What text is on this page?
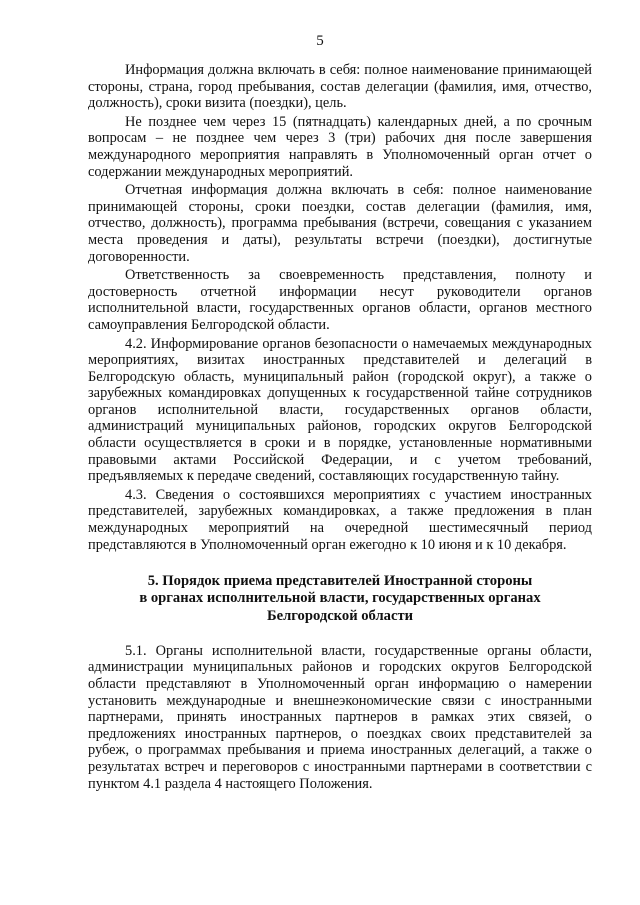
5

Информация должна включать в себя: полное наименование принимающей стороны, страна, город пребывания, состав делегации (фамилия, имя, отчество, должность), сроки визита (поездки), цель.

Не позднее чем через 15 (пятнадцать) календарных дней, а по срочным вопросам – не позднее чем через 3 (три) рабочих дня после завершения международного мероприятия направлять в Уполномоченный орган отчет о содержании международных мероприятий.

Отчетная информация должна включать в себя: полное наименование принимающей стороны, сроки поездки, состав делегации (фамилия, имя, отчество, должность), программа пребывания (встречи, совещания с указанием места проведения и даты), результаты встречи (поездки), достигнутые договоренности.

Ответственность за своевременность представления, полноту и достоверность отчетной информации несут руководители органов исполнительной власти, государственных органов области, органов местного самоуправления Белгородской области.

4.2. Информирование органов безопасности о намечаемых международных мероприятиях, визитах иностранных представителей и делегаций в Белгородскую область, муниципальный район (городской округ), а также о зарубежных командировках допущенных к государственной тайне сотрудников органов исполнительной власти, государственных органов области, администраций муниципальных районов, городских округов Белгородской области осуществляется в сроки и в порядке, установленные нормативными правовыми актами Российской Федерации, и с учетом требований, предъявляемых к передаче сведений, составляющих государственную тайну.

4.3. Сведения о состоявшихся мероприятиях с участием иностранных представителей, зарубежных командировках, а также предложения в план международных мероприятий на очередной шестимесячный период представляются в Уполномоченный орган ежегодно к 10 июня и к 10 декабря.

5. Порядок приема представителей Иностранной стороны
в органах исполнительной власти, государственных органах
Белгородской области

5.1. Органы исполнительной власти, государственные органы области, администрации муниципальных районов и городских округов Белгородской области представляют в Уполномоченный орган информацию о намерении установить международные и внешнеэкономические связи с иностранными партнерами, принять иностранных партнеров в рамках этих связей, о предложениях иностранных партнеров, о поездках своих представителей за рубеж, о программах пребывания и приема иностранных делегаций, а также о результатах встреч и переговоров с иностранными партнерами в соответствии с пунктом 4.1 раздела 4 настоящего Положения.
